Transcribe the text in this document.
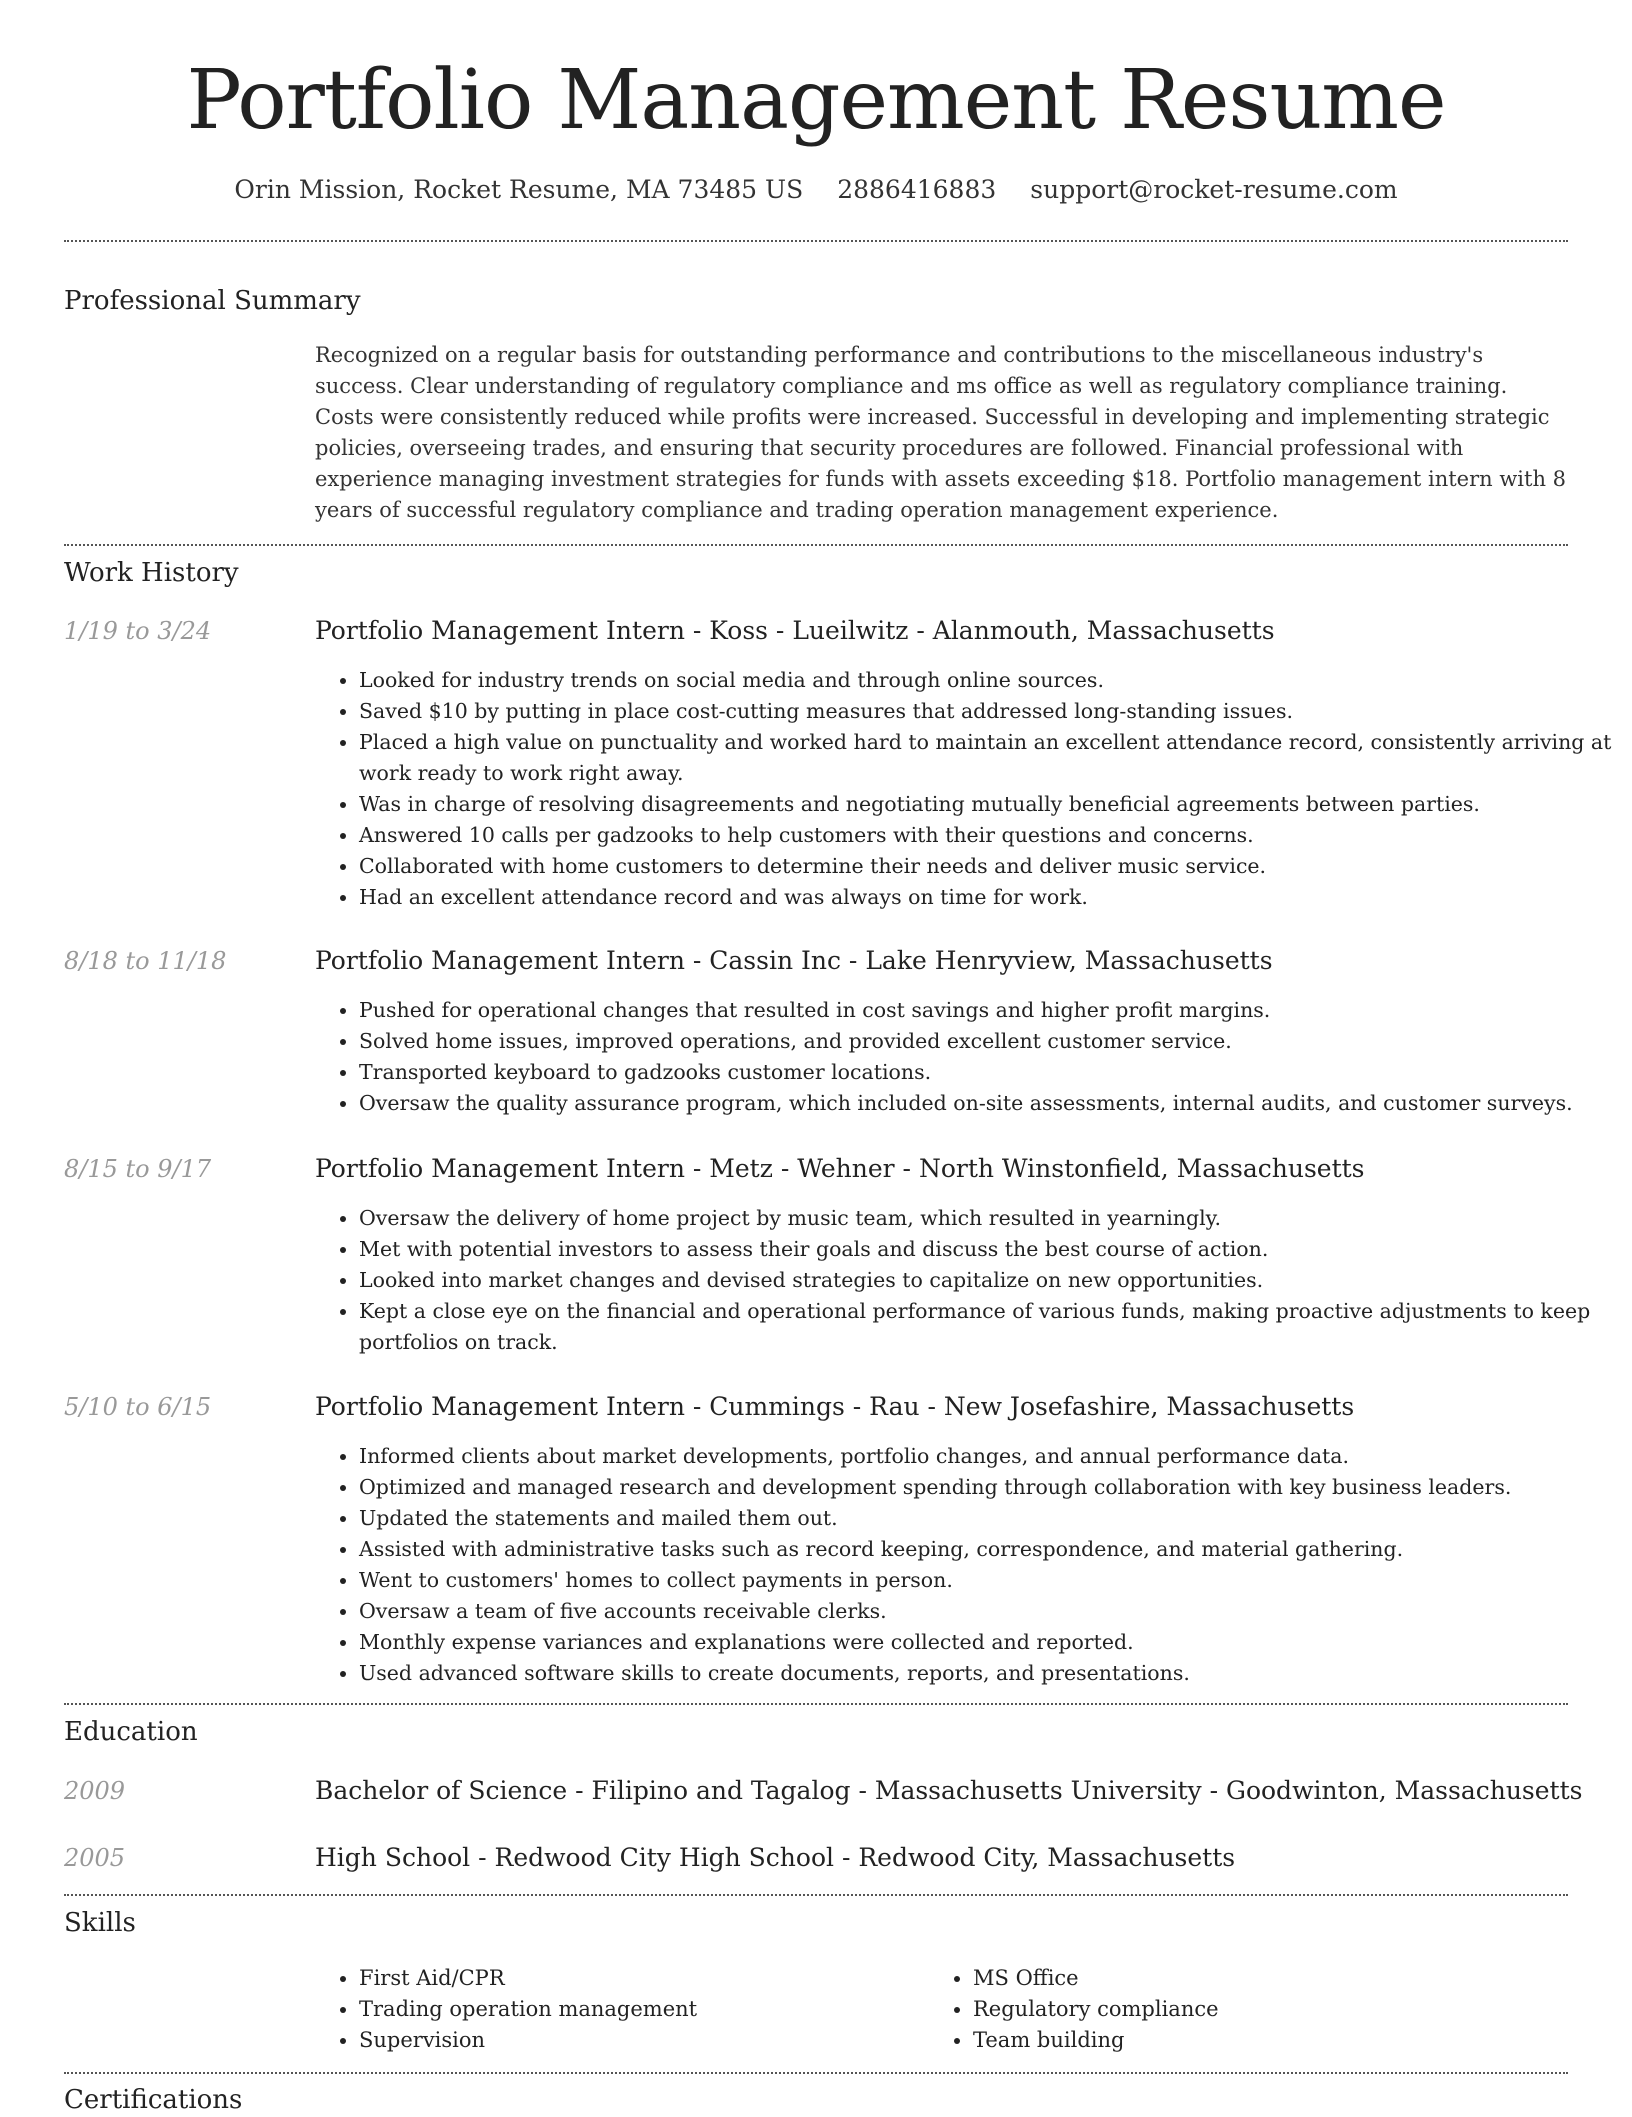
Portfolio Management Resume
Orin Mission, Rocket Resume, MA 73485 US 2886416883 support@rocket-resume.com
Professional Summary
Recognized on a regular basis for outstanding performance and contributions to the miscellaneous industry's success. Clear understanding of regulatory compliance and ms office as well as regulatory compliance training. Costs were consistently reduced while profits were increased. Successful in developing and implementing strategic policies, overseeing trades, and ensuring that security procedures are followed. Financial professional with experience managing investment strategies for funds with assets exceeding $18. Portfolio management intern with 8 years of successful regulatory compliance and trading operation management experience.
Work History
1/19 to 3/24	Portfolio Management Intern - Koss - Lueilwitz - Alanmouth, Massachusetts
• Looked for industry trends on social media and through online sources.
• Saved $10 by putting in place cost-cutting measures that addressed long-standing issues.
• Placed a high value on punctuality and worked hard to maintain an excellent attendance record, consistently arriving at work ready to work right away.
• Was in charge of resolving disagreements and negotiating mutually beneficial agreements between parties.
• Answered 10 calls per gadzooks to help customers with their questions and concerns.
• Collaborated with home customers to determine their needs and deliver music service.
• Had an excellent attendance record and was always on time for work.
8/18 to 11/18	Portfolio Management Intern - Cassin Inc - Lake Henryview, Massachusetts
• Pushed for operational changes that resulted in cost savings and higher profit margins.
• Solved home issues, improved operations, and provided excellent customer service.
• Transported keyboard to gadzooks customer locations.
• Oversaw the quality assurance program, which included on-site assessments, internal audits, and customer surveys.
8/15 to 9/17	Portfolio Management Intern - Metz - Wehner - North Winstonfield, Massachusetts
• Oversaw the delivery of home project by music team, which resulted in yearningly.
• Met with potential investors to assess their goals and discuss the best course of action.
• Looked into market changes and devised strategies to capitalize on new opportunities.
• Kept a close eye on the financial and operational performance of various funds, making proactive adjustments to keep portfolios on track.
5/10 to 6/15	Portfolio Management Intern - Cummings - Rau - New Josefashire, Massachusetts
• Informed clients about market developments, portfolio changes, and annual performance data.
• Optimized and managed research and development spending through collaboration with key business leaders.
• Updated the statements and mailed them out.
• Assisted with administrative tasks such as record keeping, correspondence, and material gathering.
• Went to customers' homes to collect payments in person.
• Oversaw a team of five accounts receivable clerks.
• Monthly expense variances and explanations were collected and reported.
• Used advanced software skills to create documents, reports, and presentations.
Education
2009	Bachelor of Science - Filipino and Tagalog - Massachusetts University - Goodwinton, Massachusetts
2005	High School - Redwood City High School - Redwood City, Massachusetts
Skills
• First Aid/CPR
• Trading operation management
• Supervision
• MS Office
• Regulatory compliance
• Team building
Certifications
